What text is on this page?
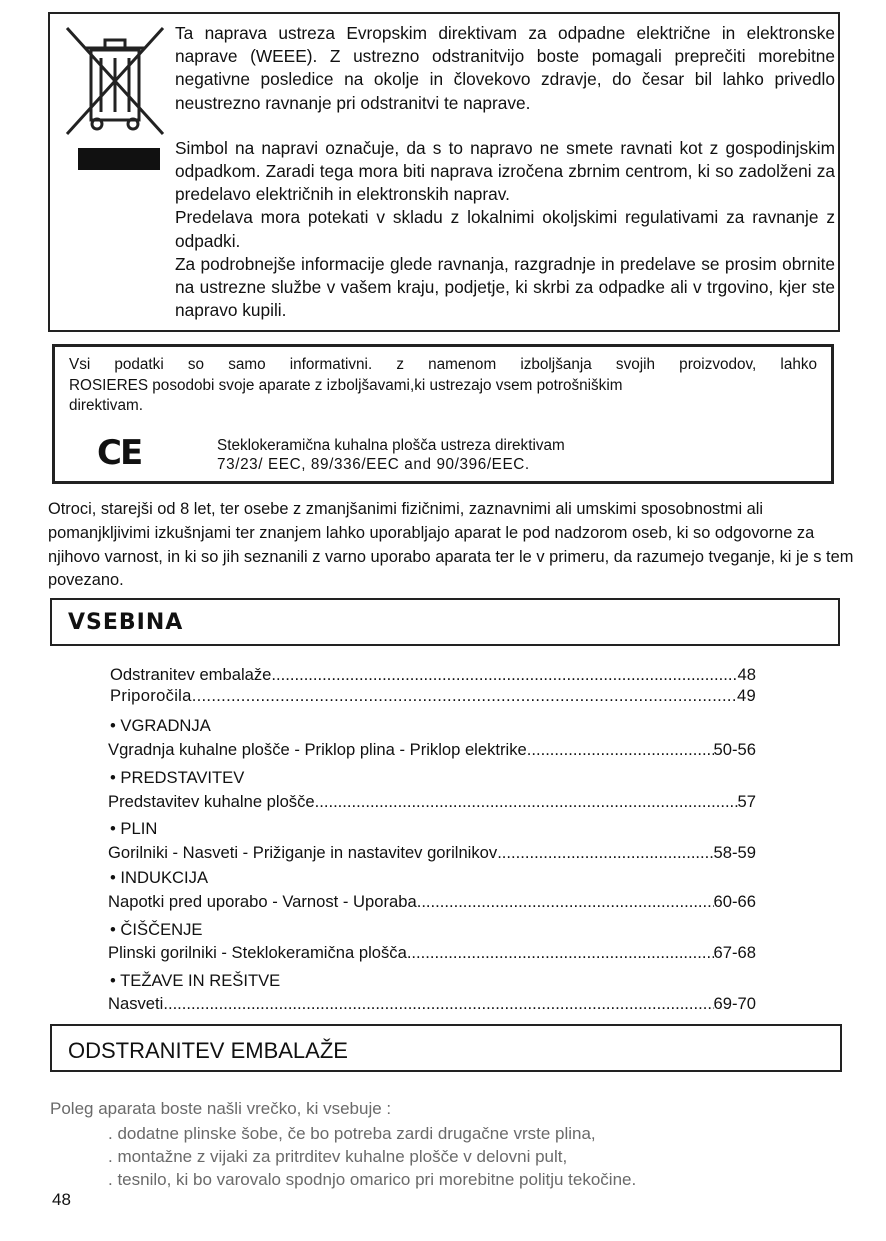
Ta naprava ustreza Evropskim direktivam za odpadne električne in elektronske naprave (WEEE). Z ustrezno odstranitvijo boste pomagali preprečiti morebitne negativne posledice na okolje in človekovo zdravje, do česar bil lahko privedlo neustrezno ravnanje pri odstranitvi te naprave.

Simbol na napravi označuje, da s to napravo ne smete ravnati kot z gospodinjskim odpadkom. Zaradi tega mora biti naprava izročena zbrnim centrom, ki so zadolženi za predelavo električnih in elektronskih naprav.

Predelava mora potekati v skladu z lokalnimi okoljskimi regulativami za ravnanje z odpadki.

Za podrobnejše informacije glede ravnanja, razgradnje in predelave se prosim obrnite na ustrezne službe v vašem kraju, podjetje, ki skrbi za odpadke ali v trgovino, kjer ste napravo kupili.

Vsi podatki so samo informativni. z namenom izboljšanja svojih proizvodov, lahko
ROSIERES posodobi svoje aparate z izboljšavami,ki ustrezajo vsem potrošniškim
direktivam.
CE	Steklokeramična kuhalna plošča ustreza direktivam
73/23/ EEC, 89/336/EEC and 90/396/EEC.

Otroci, starejši od 8 let, ter osebe z zmanjšanimi fizičnimi, zaznavnimi ali umskimi sposobnostmi ali pomanjkljivimi izkušnjami ter znanjem lahko uporabljajo aparat le pod nadzorom oseb, ki so odgovorne za njihovo varnost, in ki so jih seznanili z varno uporabo aparata ter le v primeru, da razumejo tveganje, ki je s tem povezano.

VSEBINA
Odstranitev embalaže .....	48
Priporočila .....	49
• VGRADNJA
Vgradnja kuhalne plošče - Priklop plina - Priklop elektrike .....	50-56
• PREDSTAVITEV
Predstavitev kuhalne plošče .....	57
• PLIN
Gorilniki - Nasveti - Prižiganje in nastavitev gorilnikov .....	58-59
• INDUKCIJA
Napotki pred uporabo - Varnost - Uporaba .....	60-66
• ČIŠČENJE
Plinski gorilniki - Steklokeramična plošča .....	67-68
• TEŽAVE IN REŠITVE
Nasveti .....	69-70
ODSTRANITEV EMBALAŽE
Poleg aparata boste našli vrečko, ki vsebuje :
. dodatne plinske šobe, če bo potreba zardi drugačne vrste plina,
. montažne z vijaki za pritrditev kuhalne plošče v delovni pult,
. tesnilo, ki bo varovalo spodnjo omarico pri morebitne politju tekočine.
48
